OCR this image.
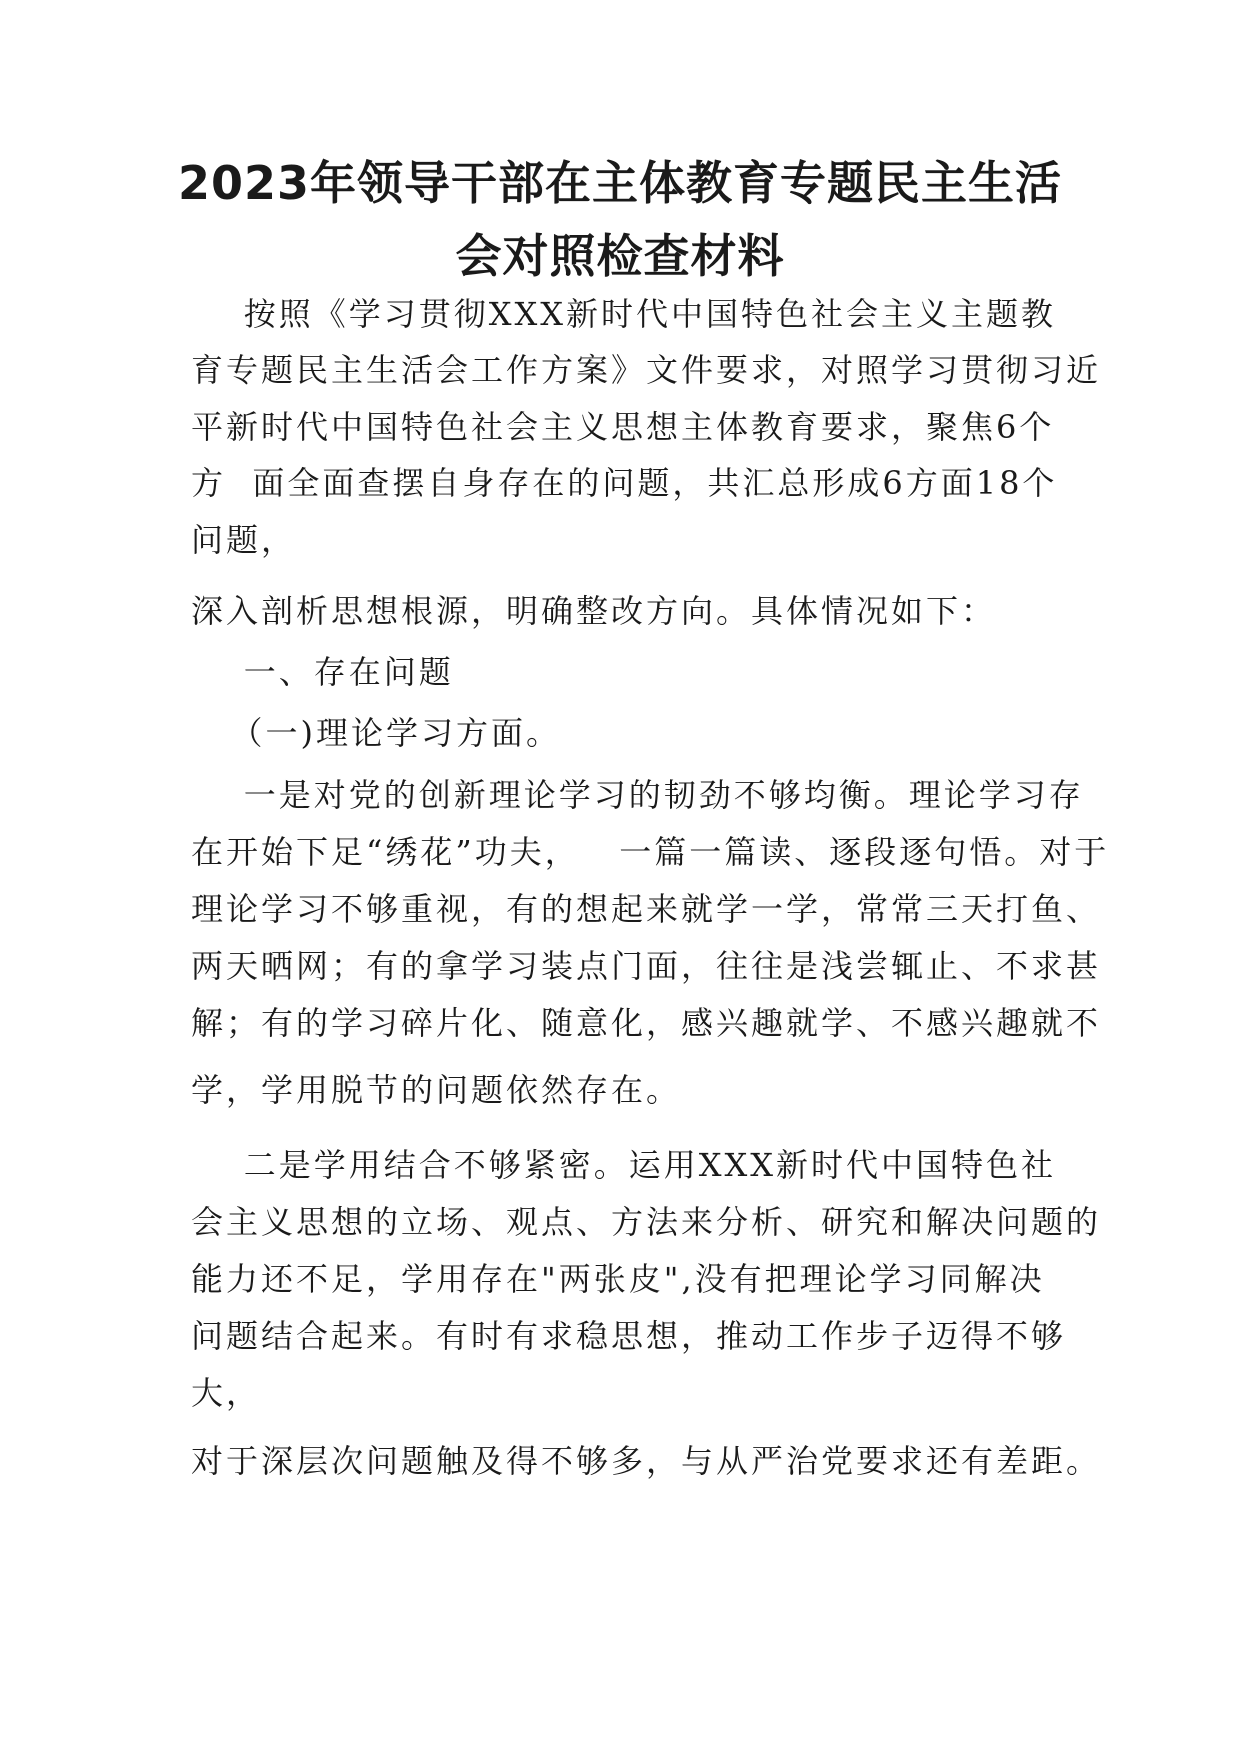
2023年领导干部在主体教育专题民主生活
会对照检查材料
按照《学习贯彻XXX新时代中国特色社会主义主题教
育专题民主生活会工作方案》文件要求，对照学习贯彻习近
平新时代中国特色社会主义思想主体教育要求，聚焦6个
方  面全面查摆自身存在的问题，共汇总形成6方面18个
问题，
深入剖析思想根源，明确整改方向。具体情况如下：
一、存在问题
（一)理论学习方面。
一是对党的创新理论学习的韧劲不够均衡。理论学习存
在开始下足“绣花”功夫，   一篇一篇读、逐段逐句悟。对于
理论学习不够重视，有的想起来就学一学，常常三天打鱼、
两天晒网；有的拿学习装点门面，往往是浅尝辄止、不求甚
解；有的学习碎片化、随意化，感兴趣就学、不感兴趣就不
学，学用脱节的问题依然存在。
二是学用结合不够紧密。运用XXX新时代中国特色社
会主义思想的立场、观点、方法来分析、研究和解决问题的
能力还不足，学用存在"两张皮",没有把理论学习同解决
问题结合起来。有时有求稳思想，推动工作步子迈得不够
大，
对于深层次问题触及得不够多，与从严治党要求还有差距。
